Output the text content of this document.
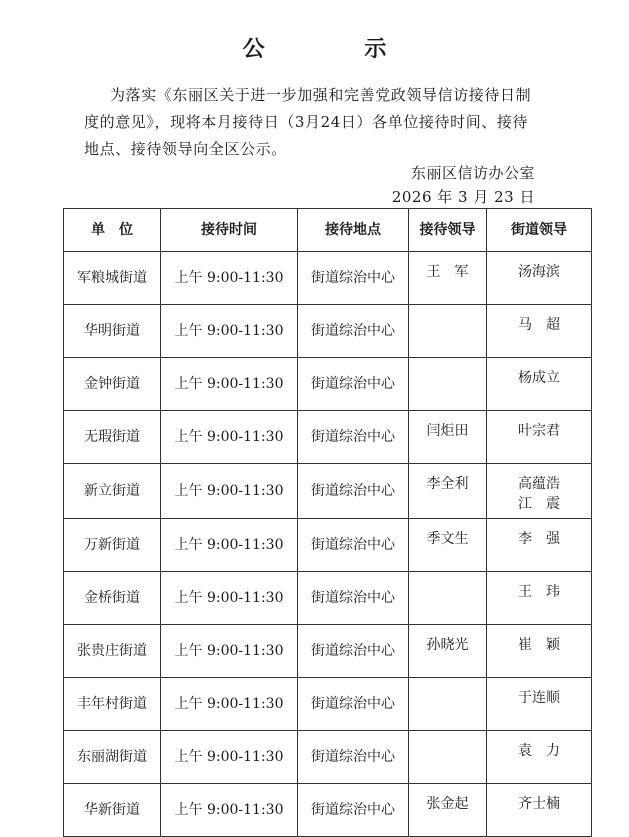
公 示
为落实《东丽区关于进一步加强和完善党政领导信访接待日制度的意见》，现将本月接待日（3月24日）各单位接待时间、接待地点、接待领导向全区公示。
东丽区信访办公室
2026 年 3 月 23 日
单　位	接待时间	接待地点	接待领导	街道领导
军粮城街道	上午 9:00-11:30	街道综治中心	王　军	汤海滨

华明街道	上午 9:00-11:30	街道综治中心		马　超

金钟街道	上午 9:00-11:30	街道综治中心		杨成立

无瑕街道	上午 9:00-11:30	街道综治中心	闫炬田	叶宗君

新立街道	上午 9:00-11:30	街道综治中心	李全利	高蕴浩
江　震

万新街道	上午 9:00-11:30	街道综治中心	季文生	李　强

金桥街道	上午 9:00-11:30	街道综治中心		王　玮

张贵庄街道	上午 9:00-11:30	街道综治中心	孙晓光	崔　颖

丰年村街道	上午 9:00-11:30	街道综治中心		于连顺

东丽湖街道	上午 9:00-11:30	街道综治中心		袁　力

华新街道	上午 9:00-11:30	街道综治中心	张金起	齐士楠
